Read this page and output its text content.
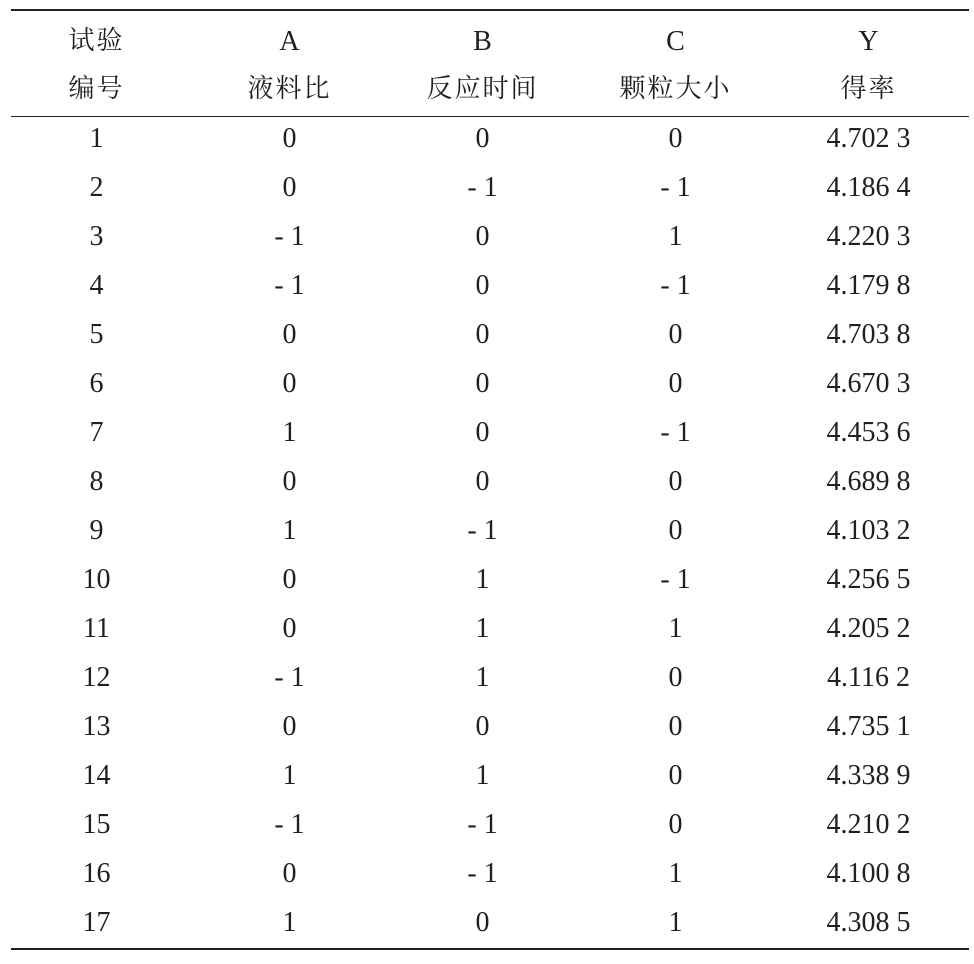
试验	A	B	C	Y
编号	液料比	反应时间	颗粒大小	得率
1	0	0	0	4.702 3
2	0	- 1	- 1	4.186 4
3	- 1	0	1	4.220 3
4	- 1	0	- 1	4.179 8
5	0	0	0	4.703 8
6	0	0	0	4.670 3
7	1	0	- 1	4.453 6
8	0	0	0	4.689 8
9	1	- 1	0	4.103 2
10	0	1	- 1	4.256 5
11	0	1	1	4.205 2
12	- 1	1	0	4.116 2
13	0	0	0	4.735 1
14	1	1	0	4.338 9
15	- 1	- 1	0	4.210 2
16	0	- 1	1	4.100 8
17	1	0	1	4.308 5
